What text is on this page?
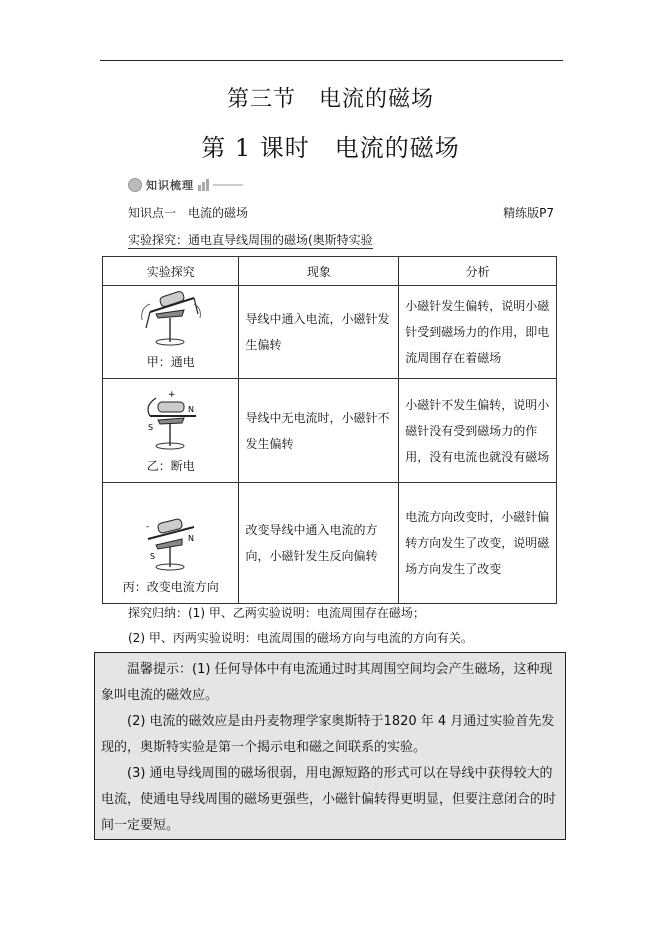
第三节　电流的磁场
第 1 课时　电流的磁场
知识梳理
知识点一　电流的磁场	精练版P7
实验探究：通电直导线周围的磁场(奥斯特实验
实验探究	现象	分析

甲：通电	导线中通入电流，小磁针发生偏转	小磁针发生偏转，说明小磁针受到磁场力的作用，即电流周围存在着磁场

+
S
N
乙：断电	导线中无电流时，小磁针不发生偏转	小磁针不发生偏转，说明小磁针没有受到磁场力的作用，没有电流也就没有磁场

N
S
-
丙：改变电流方向	改变导线中通入电流的方向，小磁针发生反向偏转	电流方向改变时，小磁针偏转方向发生了改变，说明磁场方向发生了改变
探究归纳：(1) 甲、乙两实验说明：电流周围存在磁场；
(2) 甲、丙两实验说明：电流周围的磁场方向与电流的方向有关。

温馨提示：(1) 任何导体中有电流通过时其周围空间均会产生磁场，这种现象叫电流的磁效应。

(2) 电流的磁效应是由丹麦物理学家奥斯特于1820 年 4 月通过实验首先发现的，奥斯特实验是第一个揭示电和磁之间联系的实验。

(3) 通电导线周围的磁场很弱，用电源短路的形式可以在导线中获得较大的电流，使通电导线周围的磁场更强些，小磁针偏转得更明显，但要注意闭合的时间一定要短。
